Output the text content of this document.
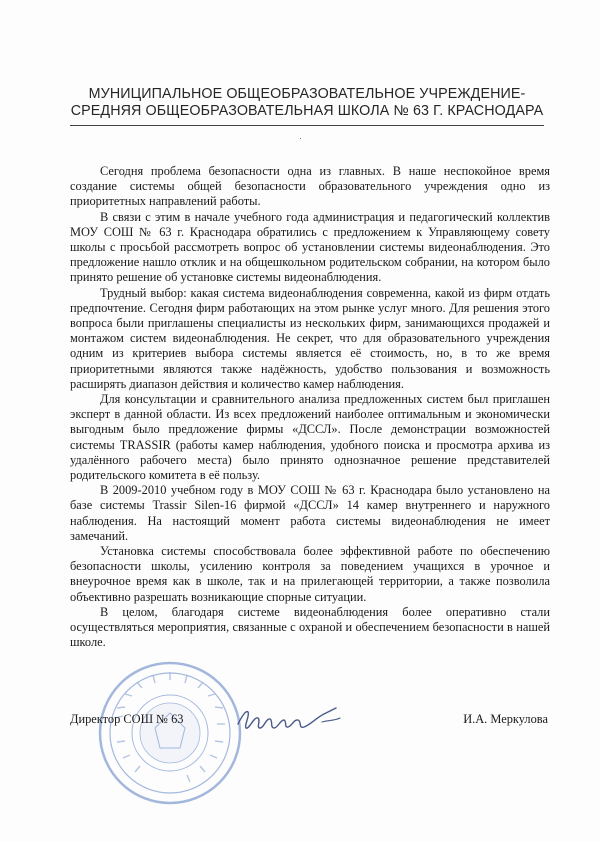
МУНИЦИПАЛЬНОЕ ОБЩЕОБРАЗОВАТЕЛЬНОЕ УЧРЕЖДЕНИЕ-
СРЕДНЯЯ ОБЩЕОБРАЗОВАТЕЛЬНАЯ ШКОЛА № 63 Г. КРАСНОДАРА

Сегодня проблема безопасности одна из главных. В наше неспокойное время создание системы общей безопасности образовательного учреждения одно из приоритетных направлений работы.

В связи с этим в начале учебного года администрация и педагогический коллектив МОУ СОШ № 63 г. Краснодара обратились с предложением к Управляющему совету школы с просьбой рассмотреть вопрос об установлении системы видеонаблюдения. Это предложение нашло отклик и на общешкольном родительском собрании, на котором было принято решение об установке системы видеонаблюдения.

Трудный выбор: какая система видеонаблюдения современна, какой из фирм отдать предпочтение. Сегодня фирм работающих на этом рынке услуг много. Для решения этого вопроса были приглашены специалисты из нескольких фирм, занимающихся продажей и монтажом систем видеонаблюдения. Не секрет, что для образовательного учреждения одним из критериев выбора системы является её стоимость, но, в то же время приоритетными являются также надёжность, удобство пользования и возможность расширять диапазон действия и количество камер наблюдения.

Для консультации и сравнительного анализа предложенных систем был приглашен эксперт в данной области. Из всех предложений наиболее оптимальным и экономически выгодным было предложение фирмы «ДССЛ». После демонстрации возможностей системы TRASSIR (работы камер наблюдения, удобного поиска и просмотра архива из удалённого рабочего места) было принято однозначное решение представителей родительского комитета в её пользу.

В 2009-2010 учебном году в МОУ СОШ № 63 г. Краснодара было установлено на базе системы Trassir Silen-16 фирмой «ДССЛ» 14 камер внутреннего и наружного наблюдения. На настоящий момент работа системы видеонаблюдения не имеет замечаний.

Установка системы способствовала более эффективной работе по обеспечению безопасности школы, усилению контроля за поведением учащихся в урочное и внеурочное время как в школе, так и на прилегающей территории, а также позволила объективно разрешать возникающие спорные ситуации.

В целом, благодаря системе видеонаблюдения более оперативно стали осуществляться мероприятия, связанные с охраной и обеспечением безопасности в нашей школе.

Директор СОШ № 63	И.А. Меркулова
